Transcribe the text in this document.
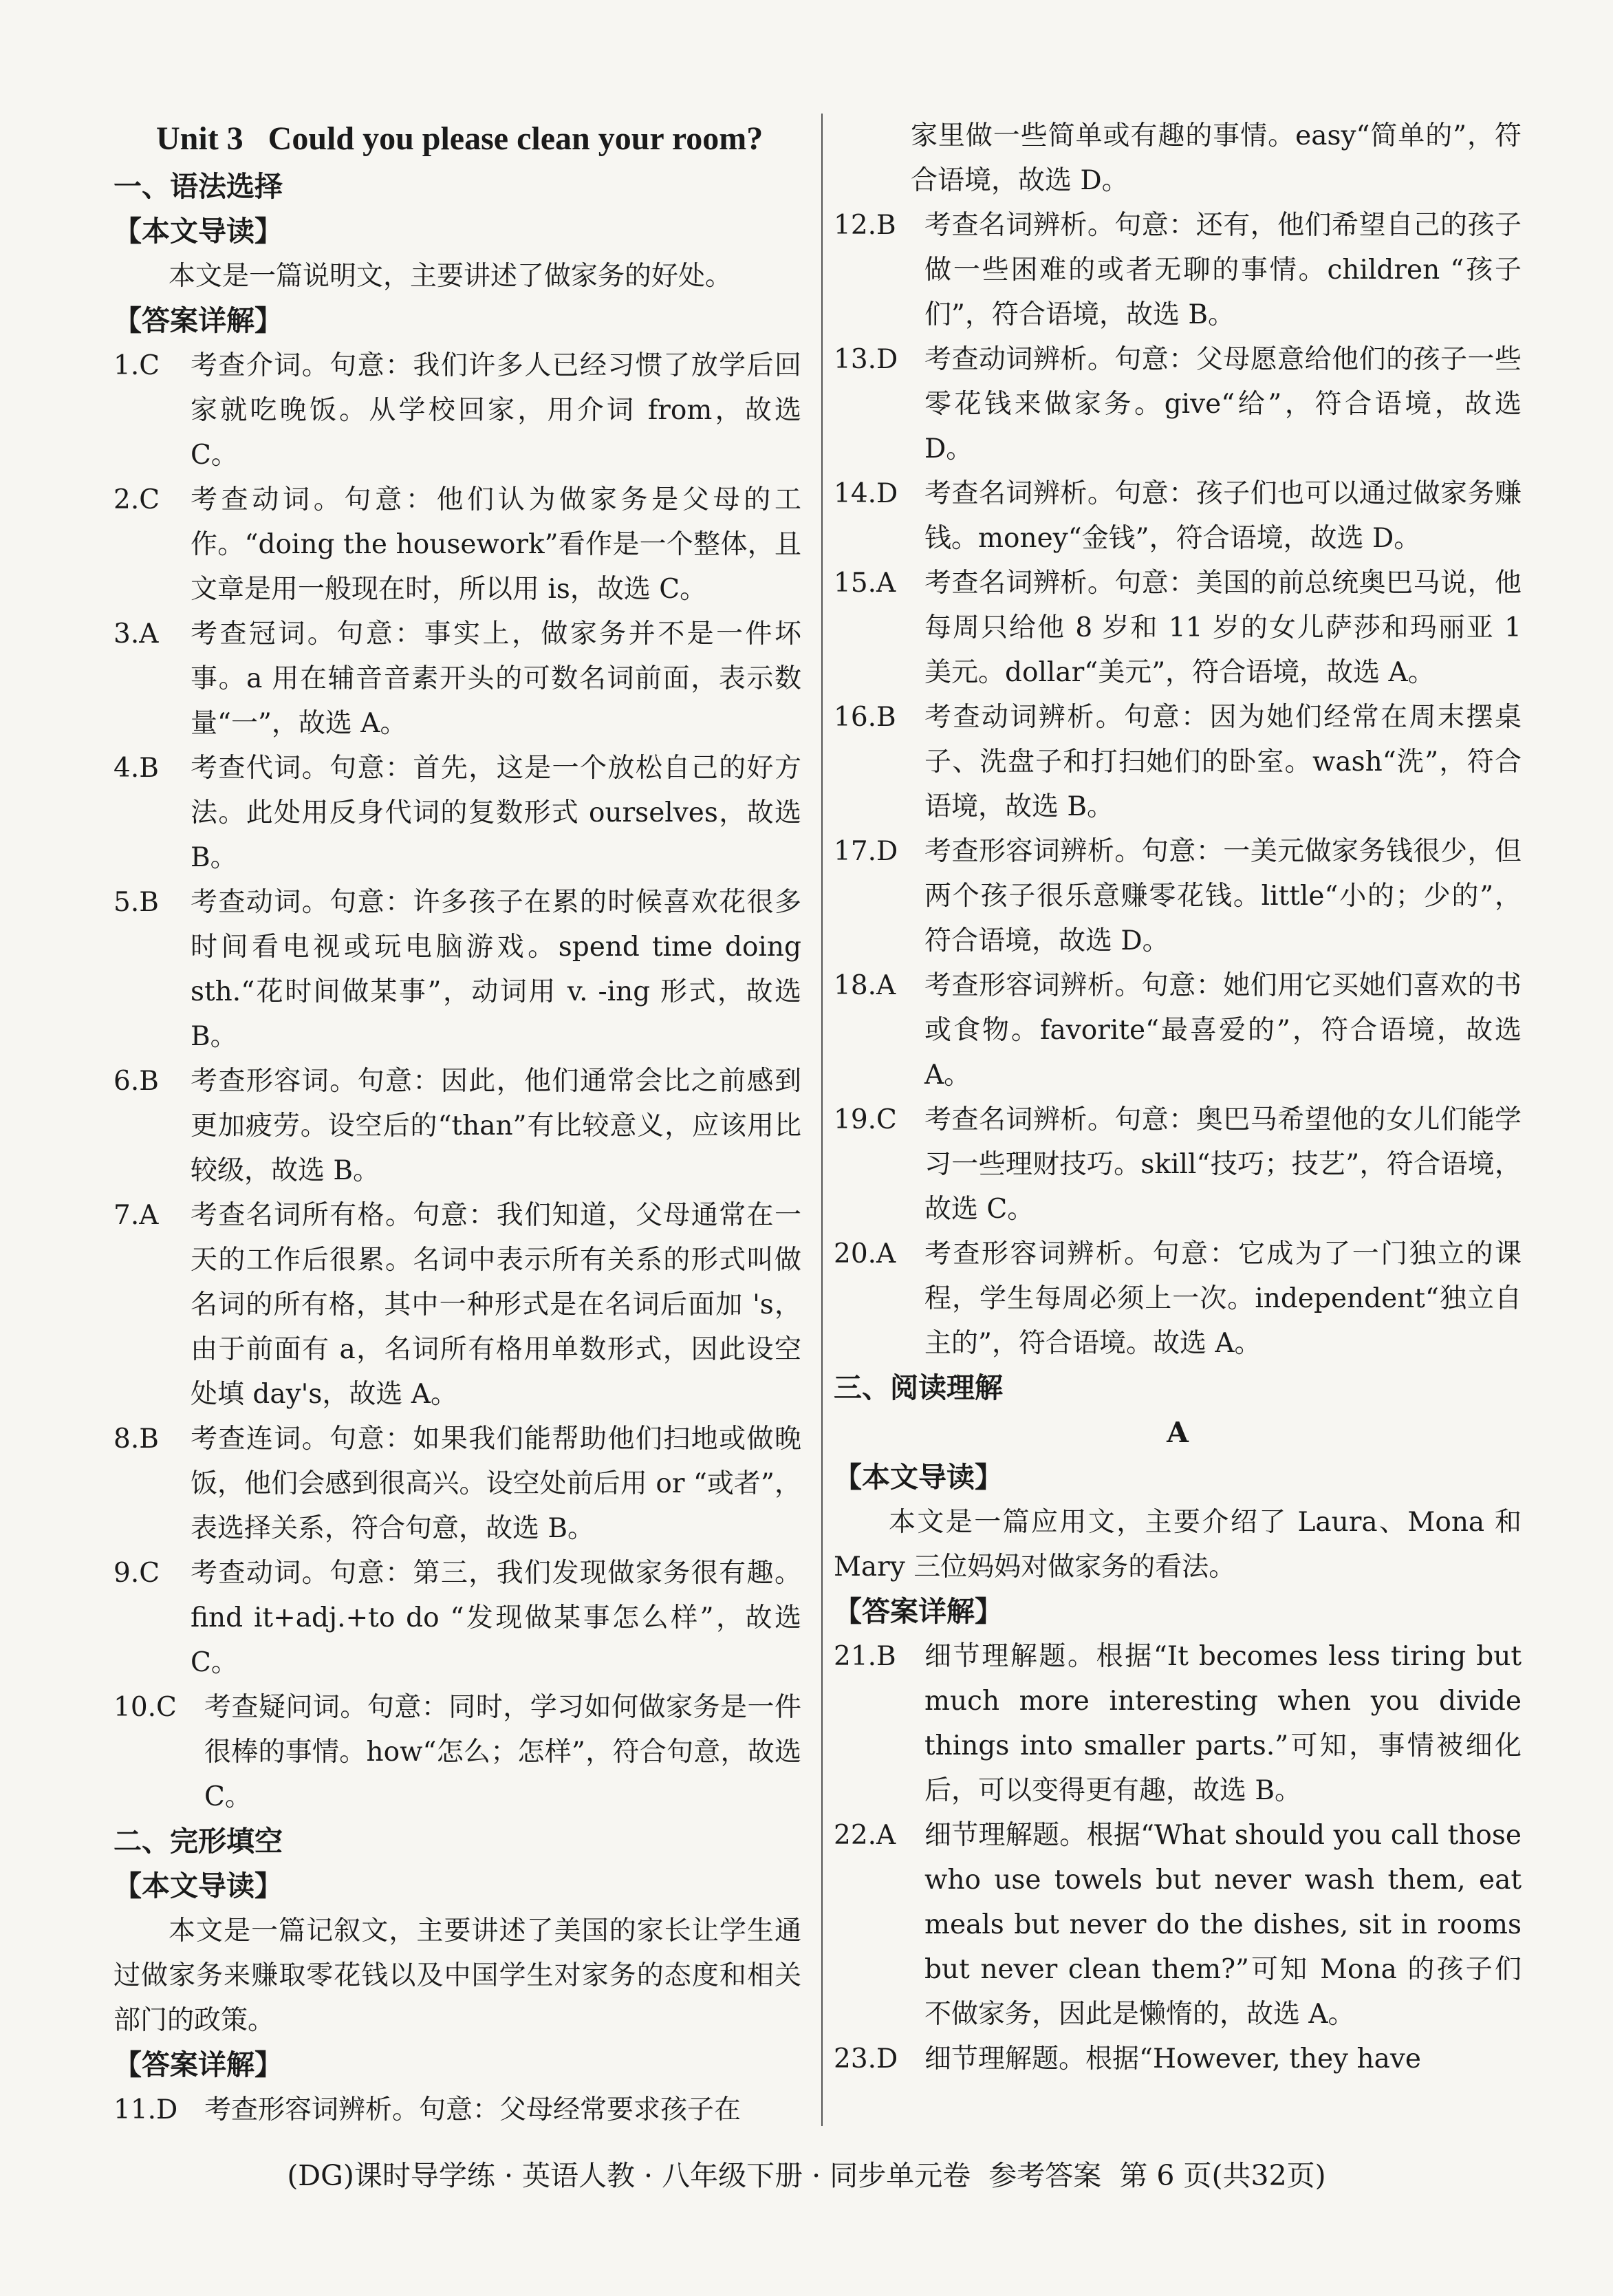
Unit 3   Could you please clean your room?
一、语法选择
【本文导读】
本文是一篇说明文，主要讲述了做家务的好处。
【答案详解】
1.C	考查介词。句意：我们许多人已经习惯了放学后回家就吃晚饭。从学校回家，用介词 from，故选 C。
2.C	考查动词。句意：他们认为做家务是父母的工作。“doing the housework”看作是一个整体，且文章是用一般现在时，所以用 is，故选 C。
3.A	考查冠词。句意：事实上，做家务并不是一件坏事。a 用在辅音音素开头的可数名词前面，表示数量“一”，故选 A。
4.B	考查代词。句意：首先，这是一个放松自己的好方法。此处用反身代词的复数形式 ourselves，故选 B。
5.B	考查动词。句意：许多孩子在累的时候喜欢花很多时间看电视或玩电脑游戏。spend time doing sth.“花时间做某事”，动词用 v. -ing 形式，故选 B。
6.B	考查形容词。句意：因此，他们通常会比之前感到更加疲劳。设空后的“than”有比较意义，应该用比较级，故选 B。
7.A	考查名词所有格。句意：我们知道，父母通常在一天的工作后很累。名词中表示所有关系的形式叫做名词的所有格，其中一种形式是在名词后面加 's，由于前面有 a，名词所有格用单数形式，因此设空处填 day's，故选 A。
8.B	考查连词。句意：如果我们能帮助他们扫地或做晚饭，他们会感到很高兴。设空处前后用 or “或者”，表选择关系，符合句意，故选 B。
9.C	考查动词。句意：第三，我们发现做家务很有趣。find it+adj.+to do “发现做某事怎么样”，故选 C。
10.C	考查疑问词。句意：同时，学习如何做家务是一件很棒的事情。how“怎么；怎样”，符合句意，故选 C。
二、完形填空
【本文导读】
本文是一篇记叙文，主要讲述了美国的家长让学生通过做家务来赚取零花钱以及中国学生对家务的态度和相关部门的政策。
【答案详解】
11.D 考查形容词辨析。句意：父母经常要求孩子在
家里做一些简单或有趣的事情。easy“简单的”，符合语境，故选 D。
12.B	考查名词辨析。句意：还有，他们希望自己的孩子做一些困难的或者无聊的事情。children “孩子们”，符合语境，故选 B。
13.D 考查动词辨析。句意：父母愿意给他们的孩子一些零花钱来做家务。give“给”，符合语境，故选 D。
14.D 考查名词辨析。句意：孩子们也可以通过做家务赚钱。money“金钱”，符合语境，故选 D。
15.A	考查名词辨析。句意：美国的前总统奥巴马说，他每周只给他 8 岁和 11 岁的女儿萨莎和玛丽亚 1 美元。dollar“美元”，符合语境，故选 A。
16.B	考查动词辨析。句意：因为她们经常在周末摆桌子、洗盘子和打扫她们的卧室。wash“洗”，符合语境，故选 B。
17.D 考查形容词辨析。句意：一美元做家务钱很少，但两个孩子很乐意赚零花钱。little“小的；少的”，符合语境，故选 D。
18.A	考查形容词辨析。句意：她们用它买她们喜欢的书或食物。favorite“最喜爱的”，符合语境，故选 A。
19.C	考查名词辨析。句意：奥巴马希望他的女儿们能学习一些理财技巧。skill“技巧；技艺”，符合语境，故选 C。
20.A	考查形容词辨析。句意：它成为了一门独立的课程，学生每周必须上一次。independent“独立自主的”，符合语境。故选 A。
三、阅读理解
A
【本文导读】
本文是一篇应用文，主要介绍了 Laura、Mona 和 Mary 三位妈妈对做家务的看法。
【答案详解】
21.B	细节理解题。根据“It becomes less tiring but much more interesting when you divide things into smaller parts.”可知，事情被细化后，可以变得更有趣，故选 B。
22.A	细节理解题。根据“What should you call those who use towels but never wash them, eat meals but never do the dishes, sit in rooms but never clean them?”可知 Mona 的孩子们不做家务，因此是懒惰的，故选 A。
23.D 细节理解题。根据“However, they have
(DG)课时导学练 · 英语人教 · 八年级下册 · 同步单元卷  参考答案  第 6 页(共32页)
